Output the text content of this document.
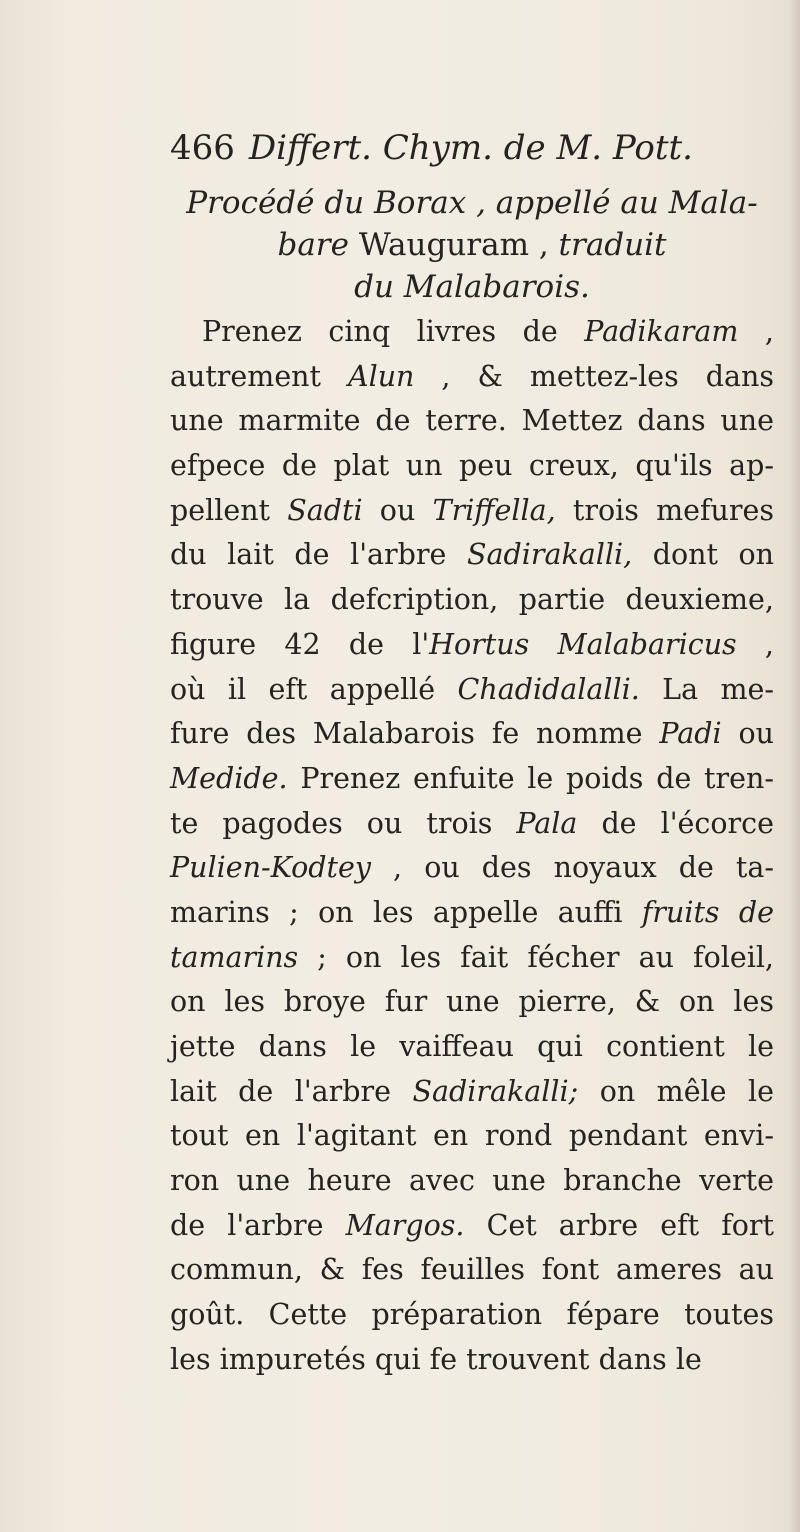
466 Differt. Chym. de M. Pott.
Procédé du Borax , appellé au Mala-
bare Wauguram , traduit
du Malabarois.
Prenez cinq livres de Padikaram ,
autrement Alun , & mettez-les dans
une marmite de terre. Mettez dans une
efpece de plat un peu creux, qu'ils ap-
pellent Sadti ou Triffella, trois mefures
du lait de l'arbre Sadirakalli, dont on
trouve la defcription, partie deuxieme,
figure 42 de l'Hortus Malabaricus ,
où il eft appellé Chadidalalli. La me-
fure des Malabarois fe nomme Padi ou
Medide. Prenez enfuite le poids de tren-
te pagodes ou trois Pala de l'écorce
Pulien-Kodtey , ou des noyaux de ta-
marins ; on les appelle auffi fruits de
tamarins ; on les fait fécher au foleil,
on les broye fur une pierre, & on les
jette dans le vaiffeau qui contient le
lait de l'arbre Sadirakalli; on mêle le
tout en l'agitant en rond pendant envi-
ron une heure avec une branche verte
de l'arbre Margos. Cet arbre eft fort
commun, & fes feuilles font ameres au
goût. Cette préparation fépare toutes
les impuretés qui fe trouvent dans le
